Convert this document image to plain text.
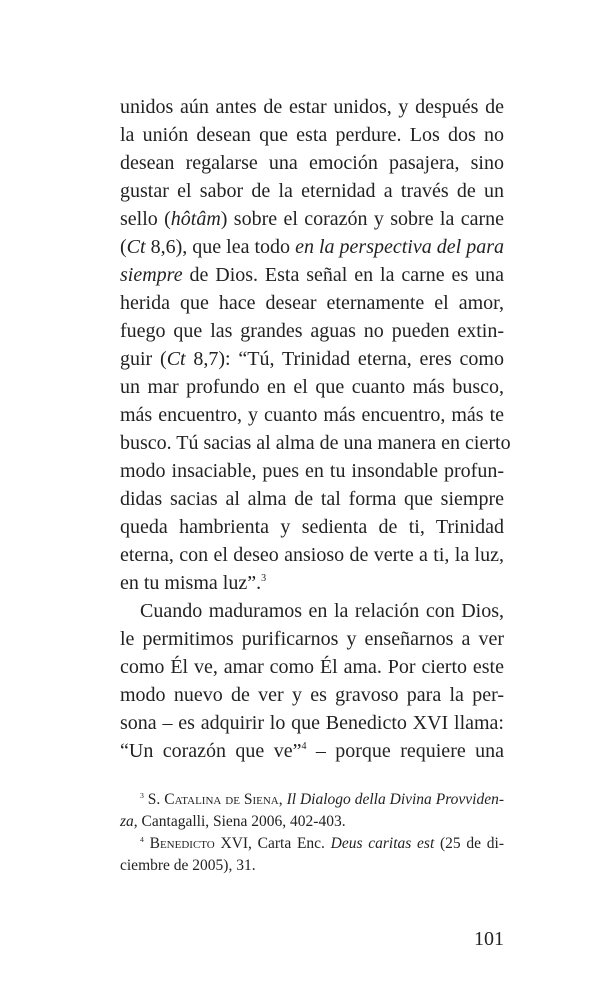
unidos aún antes de estar unidos, y después de
la unión desean que esta perdure. Los dos no
desean regalarse una emoción pasajera, sino
gustar el sabor de la eternidad a través de un
sello (hôtâm) sobre el corazón y sobre la carne
(Ct 8,6), que lea todo en la perspectiva del para
siempre de Dios. Esta señal en la carne es una
herida que hace desear eternamente el amor,
fuego que las grandes aguas no pueden extin-
guir (Ct 8,7): “Tú, Trinidad eterna, eres como
un mar profundo en el que cuanto más busco,
más encuentro, y cuanto más encuentro, más te
busco. Tú sacias al alma de una manera en cierto
modo insaciable, pues en tu insondable profun-
didas sacias al alma de tal forma que siempre
queda hambrienta y sedienta de ti, Trinidad
eterna, con el deseo ansioso de verte a ti, la luz,
en tu misma luz”.$^3$
Cuando maduramos en la relación con Dios,
le permitimos purificarnos y enseñarnos a ver
como Él ve, amar como Él ama. Por cierto este
modo nuevo de ver y es gravoso para la per-
sona – es adquirir lo que Benedicto XVI llama:
“Un corazón que ve”$^4$ – porque requiere una
$^3$ S. Catalina de Siena, Il Dialogo della Divina Provviden-
za, Cantagalli, Siena 2006, 402-403.
$^4$ Benedicto XVI, Carta Enc. Deus caritas est (25 de di-
ciembre de 2005), 31.
101
